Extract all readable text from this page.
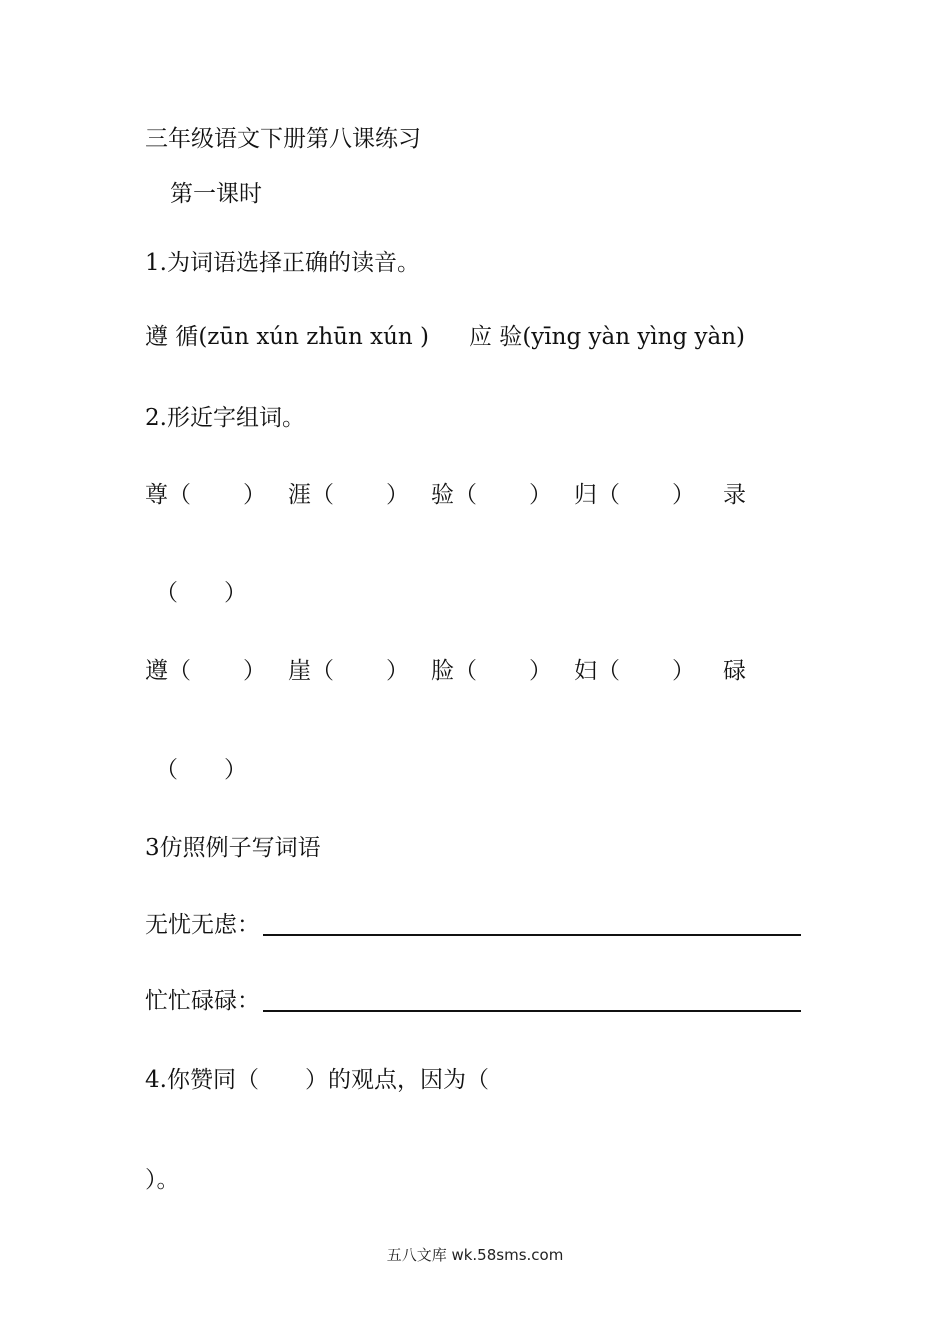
三年级语文下册第八课练习
第一课时
1.为词语选择正确的读音。
遵 循(zūn xún zhūn xún ) 应 验(yīng yàn yìng yàn)
2.形近字组词。
尊（ ） 涯（ ） 验（ ） 归（ ） 录
（　　）
遵（ ） 崖（ ） 脸（ ） 妇（ ） 碌
（　　）
3仿照例子写词语
无忧无虑：
忙忙碌碌：
4.你赞同（　　）的观点，因为（
）。
五八文库 wk.58sms.com
